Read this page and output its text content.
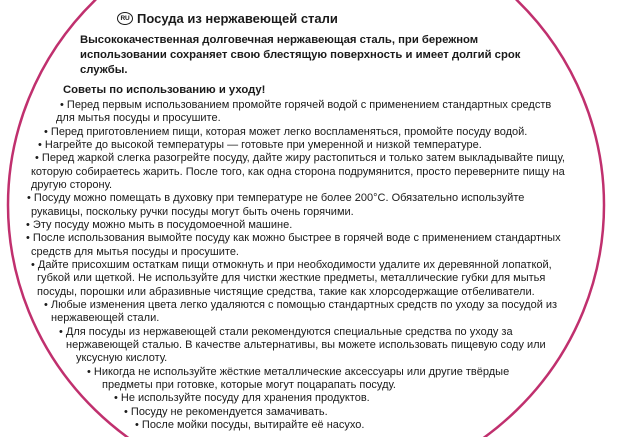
RU Посуда из нержавеющей стали
Высококачественная долговечная нержавеющая сталь, при бережном использовании сохраняет свою блестящую поверхность и имеет долгий срок службы.
Советы по использованию и уходу!
• Перед первым использованием промойте горячей водой с применением стандартных средств
для мытья посуды и просушите.
• Перед приготовлением пищи, которая может легко воспламеняться, промойте посуду водой.
• Нагрейте до высокой температуры — готовьте при умеренной и низкой температуре.
• Перед жаркой слегка разогрейте посуду, дайте жиру растопиться и только затем выкладывайте пищу,
которую собираетесь жарить. После того, как одна сторона подрумянится, просто переверните пищу на
другую сторону.
• Посуду можно помещать в духовку при температуре не более 200°C. Обязательно используйте
рукавицы, поскольку ручки посуды могут быть очень горячими.
• Эту посуду можно мыть в посудомоечной машине.
• После использования вымойте посуду как можно быстрее в горячей воде с применением стандартных
средств для мытья посуды и просушите.
• Дайте присохшим остаткам пищи отмокнуть и при необходимости удалите их деревянной лопаткой,
губкой или щеткой. Не используйте для чистки жесткие предметы, металлические губки для мытья
посуды, порошки или абразивные чистящие средства, такие как хлорсодержащие отбеливатели.
• Любые изменения цвета легко удаляются с помощью стандартных средств по уходу за посудой из
нержавеющей стали.
• Для посуды из нержавеющей стали рекомендуются специальные средства по уходу за
нержавеющей сталью. В качестве альтернативы, вы можете использовать пищевую соду или
уксусную кислоту.
• Никогда не используйте жёсткие металлические аксессуары или другие твёрдые
предметы при готовке, которые могут поцарапать посуду.
• Не используйте посуду для хранения продуктов.
• Посуду не рекомендуется замачивать.
• После мойки посуды, вытирайте её насухо.
